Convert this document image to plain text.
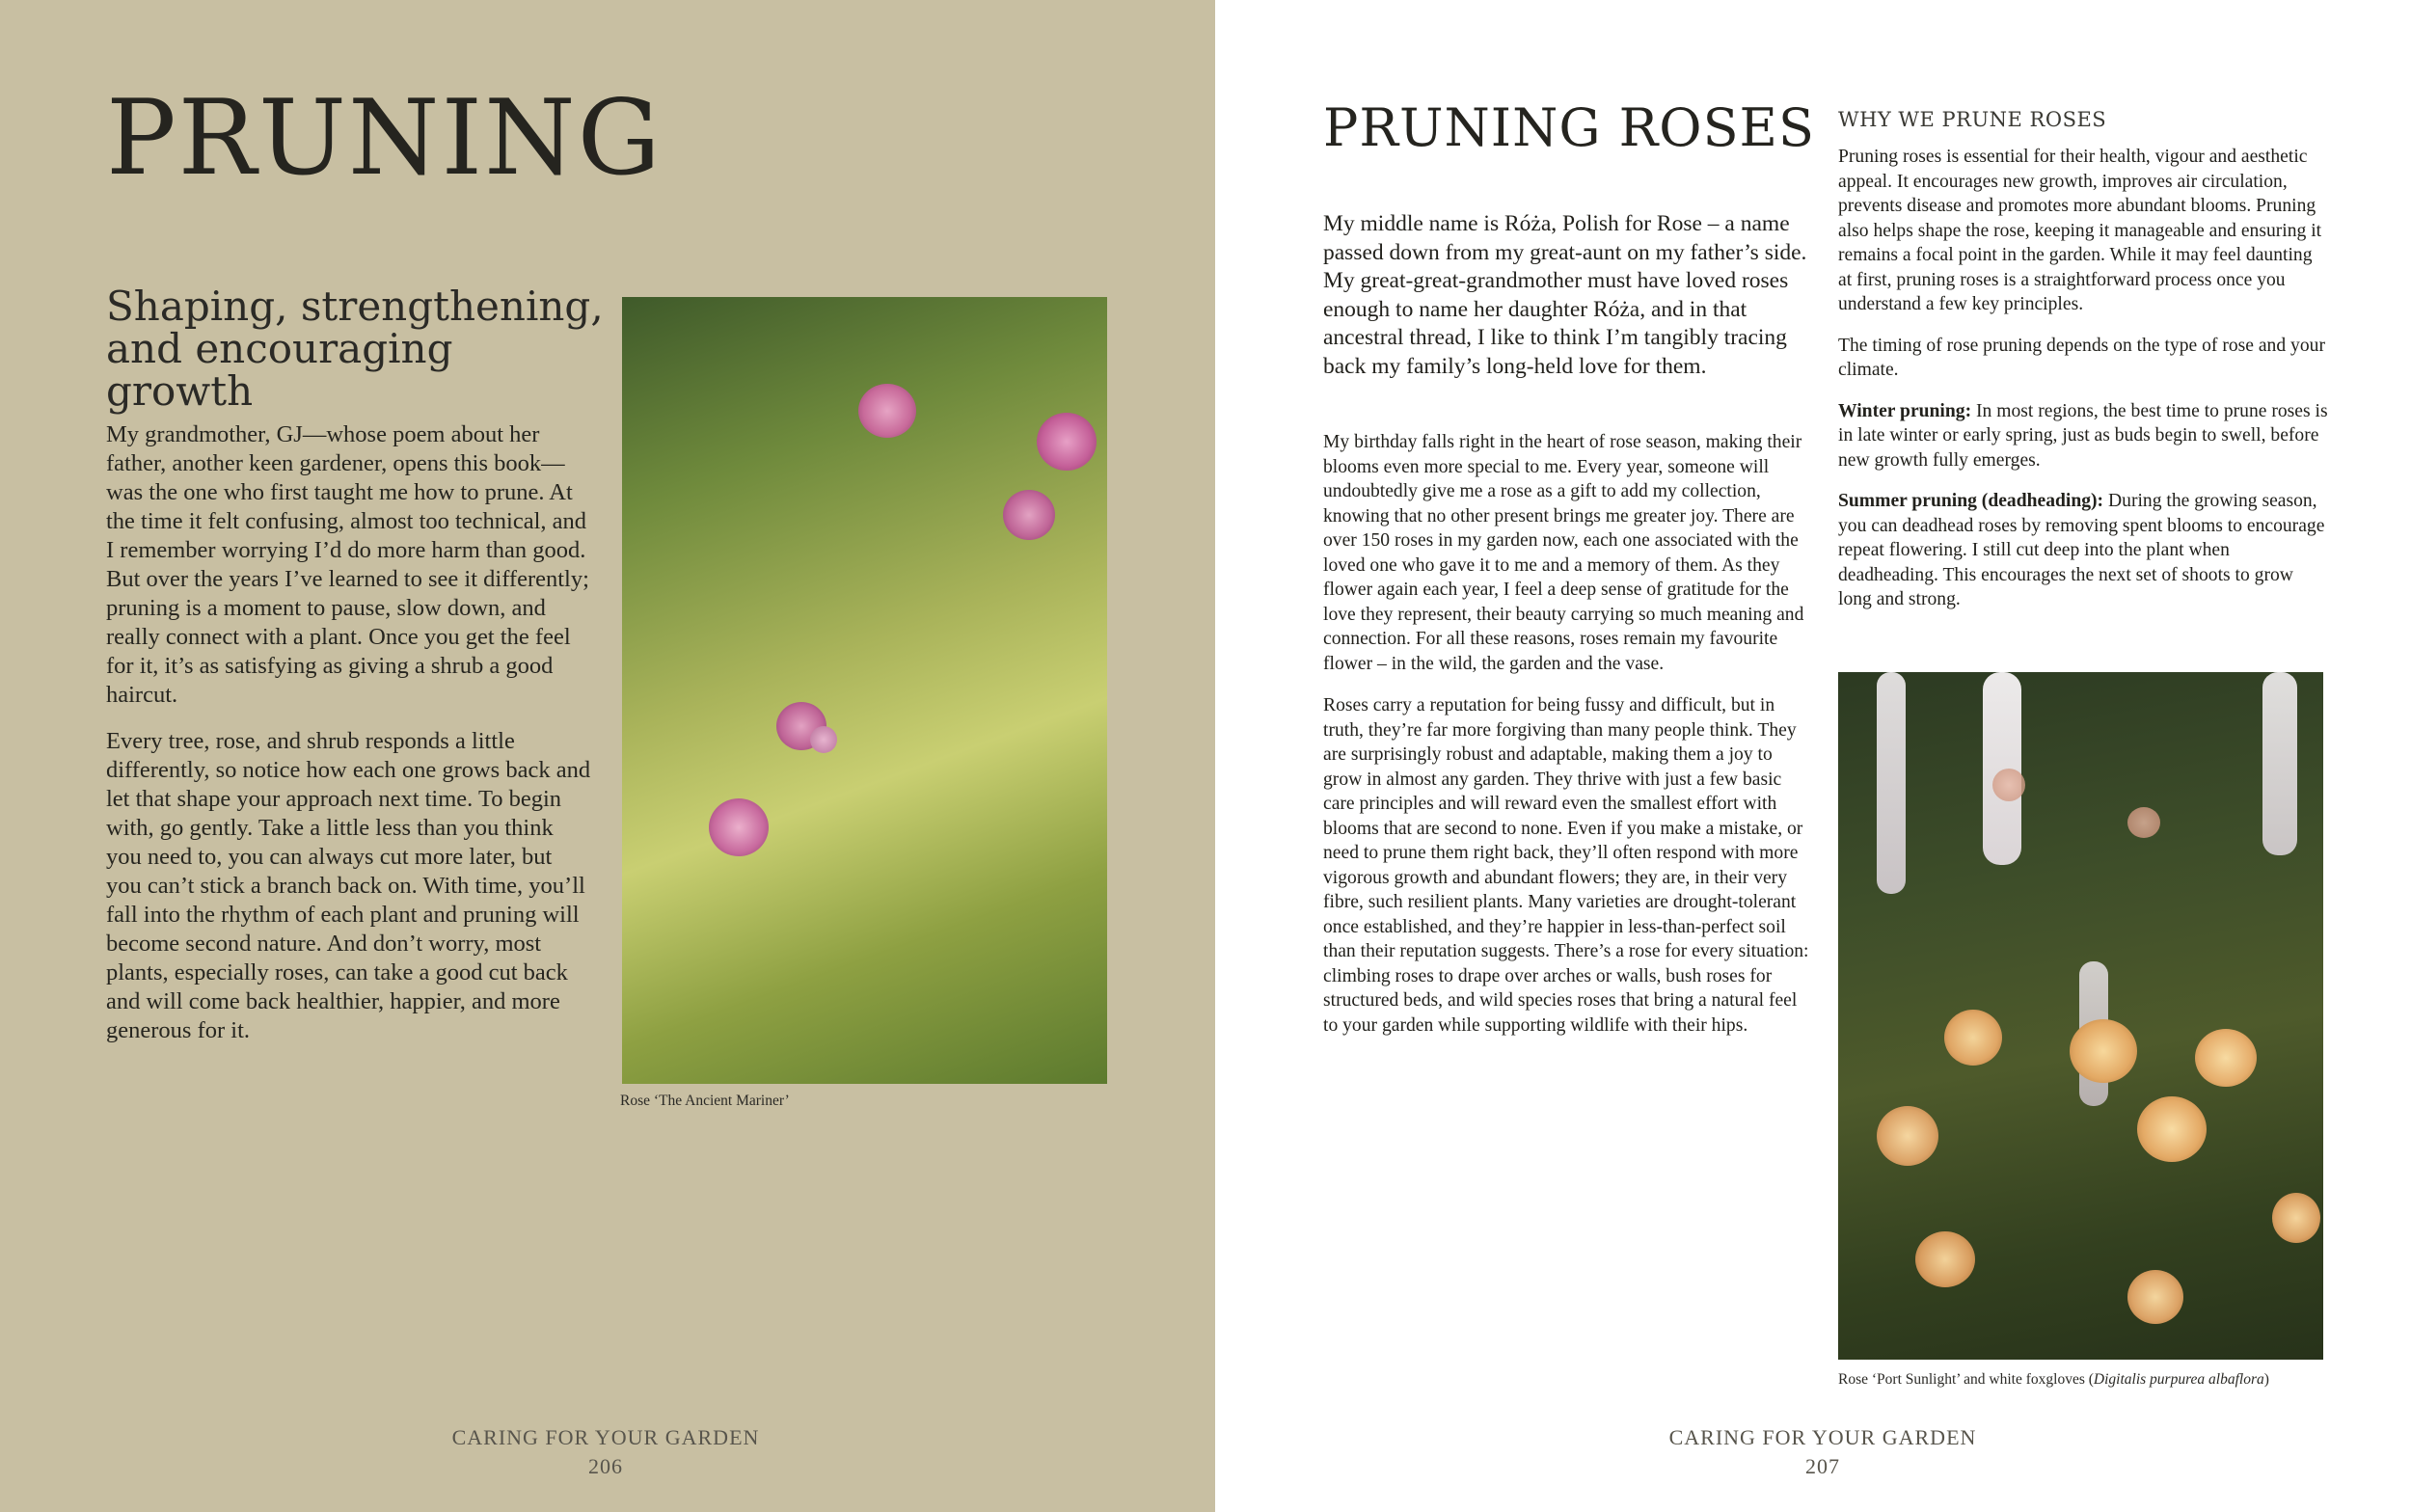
PRUNING
Shaping, strengthening, and encouraging growth

My grandmother, GJ—whose poem about her father, another keen gardener, opens this book—was the one who first taught me how to prune. At the time it felt confusing, almost too technical, and I remember worrying I’d do more harm than good. But over the years I’ve learned to see it differently; pruning is a moment to pause, slow down, and really connect with a plant. Once you get the feel for it, it’s as satisfying as giving a shrub a good haircut.

Every tree, rose, and shrub responds a little differently, so notice how each one grows back and let that shape your approach next time. To begin with, go gently. Take a little less than you think you need to, you can always cut more later, but you can’t stick a branch back on. With time, you’ll fall into the rhythm of each plant and pruning will become second nature. And don’t worry, most plants, especially roses, can take a good cut back and will come back healthier, happier, and more generous for it.

Rose ‘The Ancient Mariner’
CARING FOR YOUR GARDEN
206
PRUNING ROSES

My middle name is Róża, Polish for Rose – a name passed down from my great-aunt on my father’s side. My great-great-grandmother must have loved roses enough to name her daughter Róża, and in that ancestral thread, I like to think I’m tangibly tracing back my family’s long-held love for them.

My birthday falls right in the heart of rose season, making their blooms even more special to me. Every year, someone will undoubtedly give me a rose as a gift to add my collection, knowing that no other present brings me greater joy. There are over 150 roses in my garden now, each one associated with the loved one who gave it to me and a memory of them. As they flower again each year, I feel a deep sense of gratitude for the love they represent, their beauty carrying so much meaning and connection. For all these reasons, roses remain my favourite flower – in the wild, the garden and the vase.

Roses carry a reputation for being fussy and difficult, but in truth, they’re far more forgiving than many people think. They are surprisingly robust and adaptable, making them a joy to grow in almost any garden. They thrive with just a few basic care principles and will reward even the smallest effort with blooms that are second to none. Even if you make a mistake, or need to prune them right back, they’ll often respond with more vigorous growth and abundant flowers; they are, in their very fibre, such resilient plants. Many varieties are drought-tolerant once established, and they’re happier in less-than-perfect soil than their reputation suggests. There’s a rose for every situation: climbing roses to drape over arches or walls, bush roses for structured beds, and wild species roses that bring a natural feel to your garden while supporting wildlife with their hips.

WHY WE PRUNE ROSES

Pruning roses is essential for their health, vigour and aesthetic appeal. It encourages new growth, improves air circulation, prevents disease and promotes more abundant blooms. Pruning also helps shape the rose, keeping it manageable and ensuring it remains a focal point in the garden. While it may feel daunting at first, pruning roses is a straightforward process once you understand a few key principles.

The timing of rose pruning depends on the type of rose and your climate.

Winter pruning: In most regions, the best time to prune roses is in late winter or early spring, just as buds begin to swell, before new growth fully emerges.

Summer pruning (deadheading): During the growing season, you can deadhead roses by removing spent blooms to encourage repeat flowering. I still cut deep into the plant when deadheading. This encourages the next set of shoots to grow long and strong.

Rose ‘Port Sunlight’ and white foxgloves (Digitalis purpurea albaflora)
CARING FOR YOUR GARDEN
207
